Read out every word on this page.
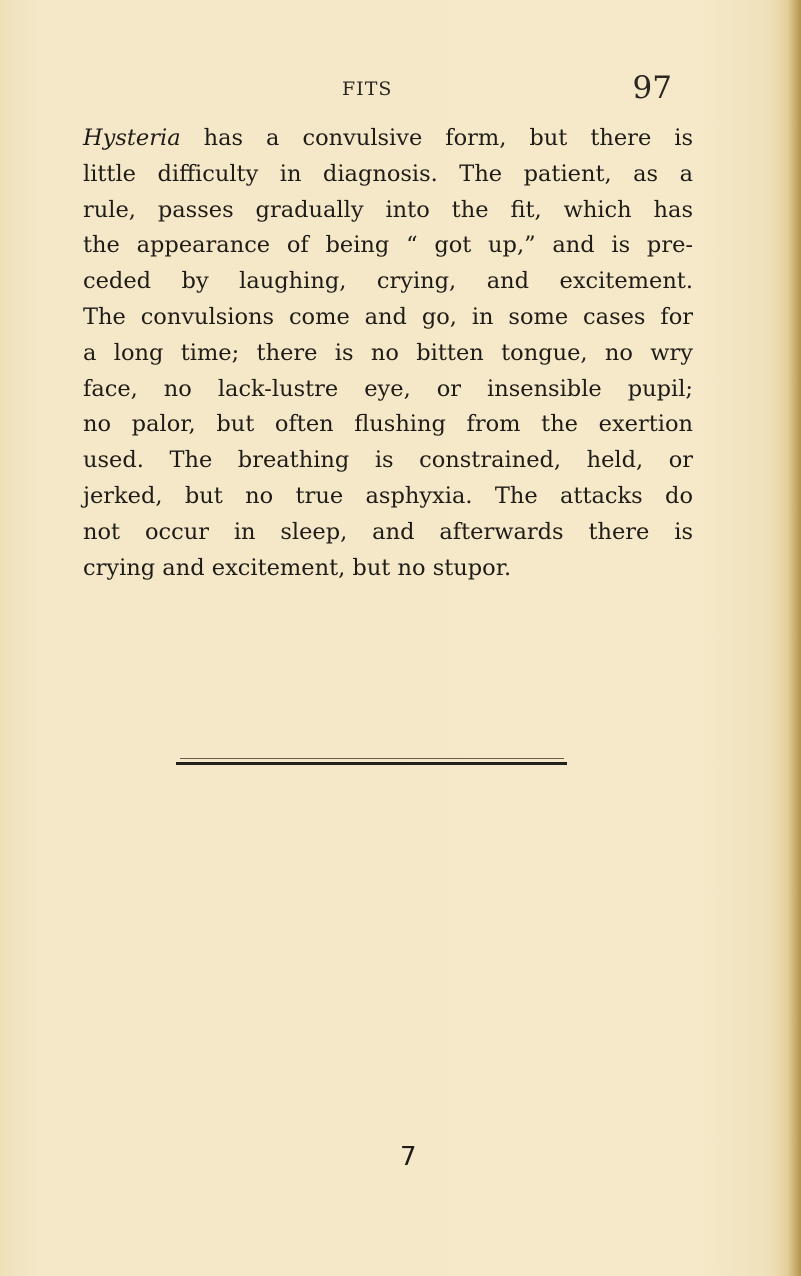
FITS	97

Hysteria has a convulsive form, but there is
little difficulty in diagnosis. The patient, as a
rule, passes gradually into the fit, which has
the appearance of being “ got up,” and is pre-
ceded by laughing, crying, and excitement.
The convulsions come and go, in some cases for
a long time; there is no bitten tongue, no wry
face, no lack-lustre eye, or insensible pupil;
no palor, but often flushing from the exertion
used. The breathing is constrained, held, or
jerked, but no true asphyxia. The attacks do
not occur in sleep, and afterwards there is
crying and excitement, but no stupor.

7
